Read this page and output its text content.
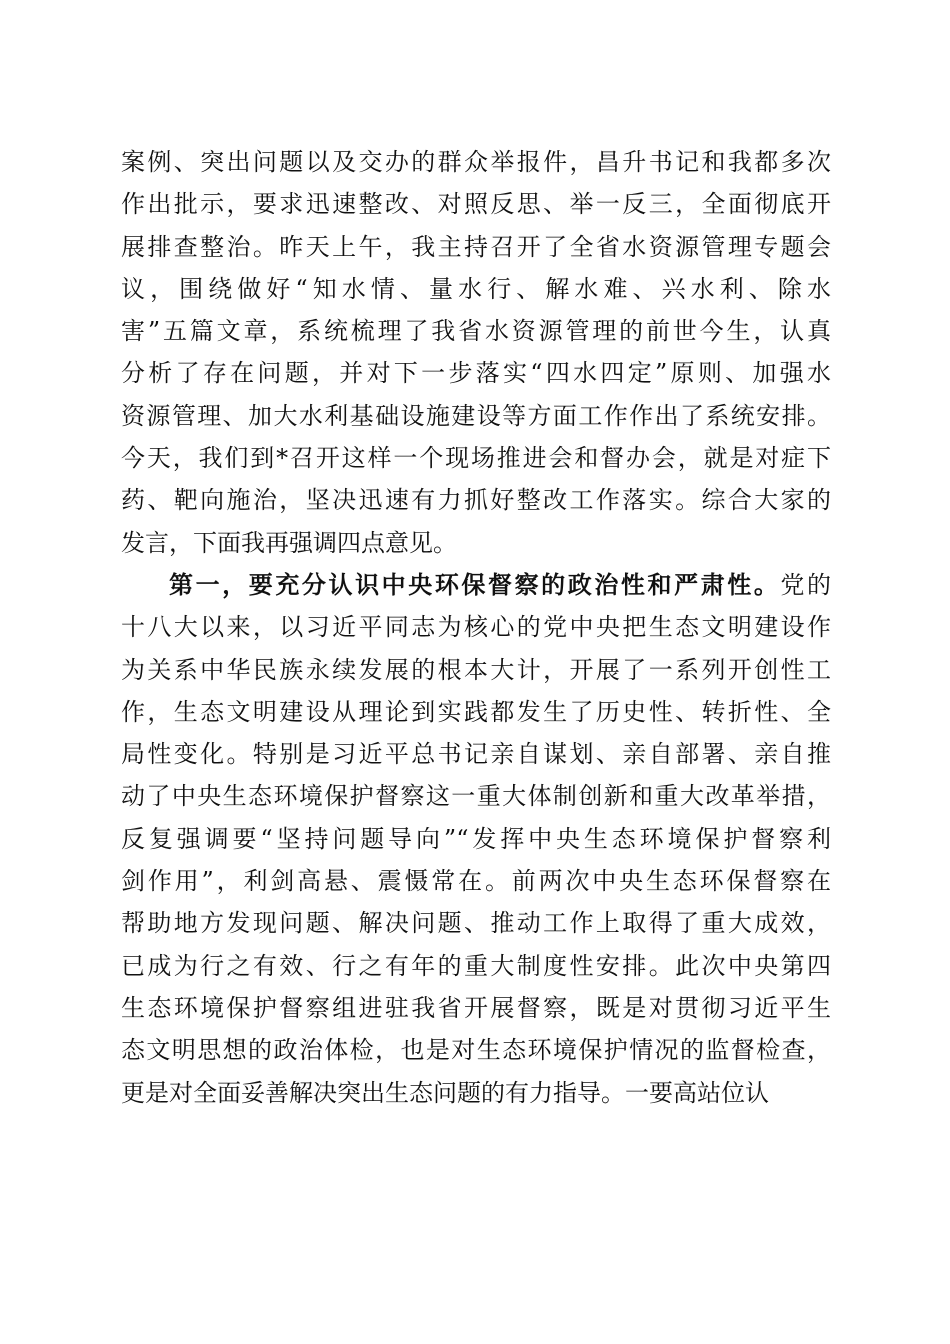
案例、突出问题以及交办的群众举报件，昌升书记和我都多次
作出批示，要求迅速整改、对照反思、举一反三，全面彻底开
展排查整治。昨天上午，我主持召开了全省水资源管理专题会
议，围绕做好“知水情、量水行、解水难、兴水利、除水
害”五篇文章，系统梳理了我省水资源管理的前世今生，认真
分析了存在问题，并对下一步落实“四水四定”原则、加强水
资源管理、加大水利基础设施建设等方面工作作出了系统安排。
今天，我们到*召开这样一个现场推进会和督办会，就是对症下
药、靶向施治，坚决迅速有力抓好整改工作落实。综合大家的
发言，下面我再强调四点意见。
第一，要充分认识中央环保督察的政治性和严肃性。党的
十八大以来，以习近平同志为核心的党中央把生态文明建设作
为关系中华民族永续发展的根本大计，开展了一系列开创性工
作，生态文明建设从理论到实践都发生了历史性、转折性、全
局性变化。特别是习近平总书记亲自谋划、亲自部署、亲自推
动了中央生态环境保护督察这一重大体制创新和重大改革举措，
反复强调要“坚持问题导向”“发挥中央生态环境保护督察利
剑作用”，利剑高悬、震慑常在。前两次中央生态环保督察在
帮助地方发现问题、解决问题、推动工作上取得了重大成效，
已成为行之有效、行之有年的重大制度性安排。此次中央第四
生态环境保护督察组进驻我省开展督察，既是对贯彻习近平生
态文明思想的政治体检，也是对生态环境保护情况的监督检查，
更是对全面妥善解决突出生态问题的有力指导。一要高站位认
